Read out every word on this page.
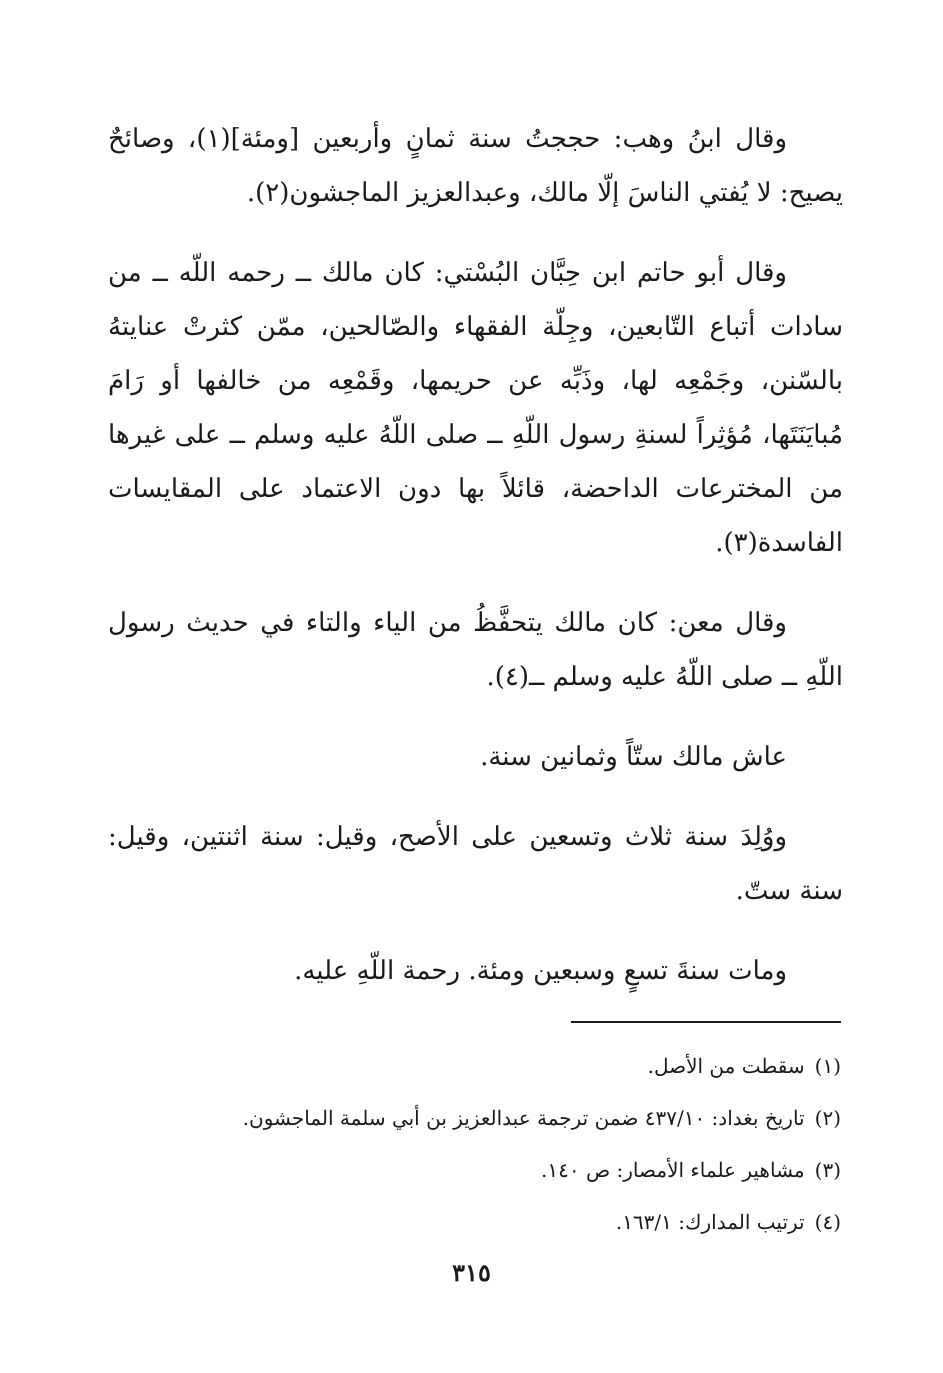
وقال ابنُ وهب: حججتُ سنة ثمانٍ وأربعين [ومئة](١)، وصائحٌ يصيح: لا يُفتي الناسَ إلّا مالك، وعبدالعزيز الماجشون(٢).

وقال أبو حاتم ابن حِبَّان البُسْتي: كان مالك ــ رحمه اللّه ــ من سادات أتباع التّابعين، وجِلّة الفقهاء والصّالحين، ممّن كثرتْ عنايتهُ بالسّنن، وجَمْعِه لها، وذَبِّه عن حريمها، وقَمْعِه من خالفها أو رَامَ مُبايَنَتَها، مُؤثِراً لسنةِ رسول اللّهِ ــ صلى اللّهُ عليه وسلم ــ على غيرها من المخترعات الداحضة، قائلاً بها دون الاعتماد على المقايسات الفاسدة(٣).

وقال معن: كان مالك يتحفَّظُ من الياء والتاء في حديث رسول اللّهِ ــ صلى اللّهُ عليه وسلم ــ(٤).

عاش مالك ستّاً وثمانين سنة.

ووُلِدَ سنة ثلاث وتسعين على الأصح، وقيل: سنة اثنتين، وقيل: سنة ستّ.

ومات سنةَ تسعٍ وسبعين ومئة. رحمة اللّهِ عليه.

(١)سقطت من الأصل.

(٢)تاريخ بغداد: ٤٣٧/١٠ ضمن ترجمة عبدالعزيز بن أبي سلمة الماجشون.

(٣)مشاهير علماء الأمصار: ص ١٤٠.

(٤)ترتيب المدارك: ١٦٣/١.

٣١٥
